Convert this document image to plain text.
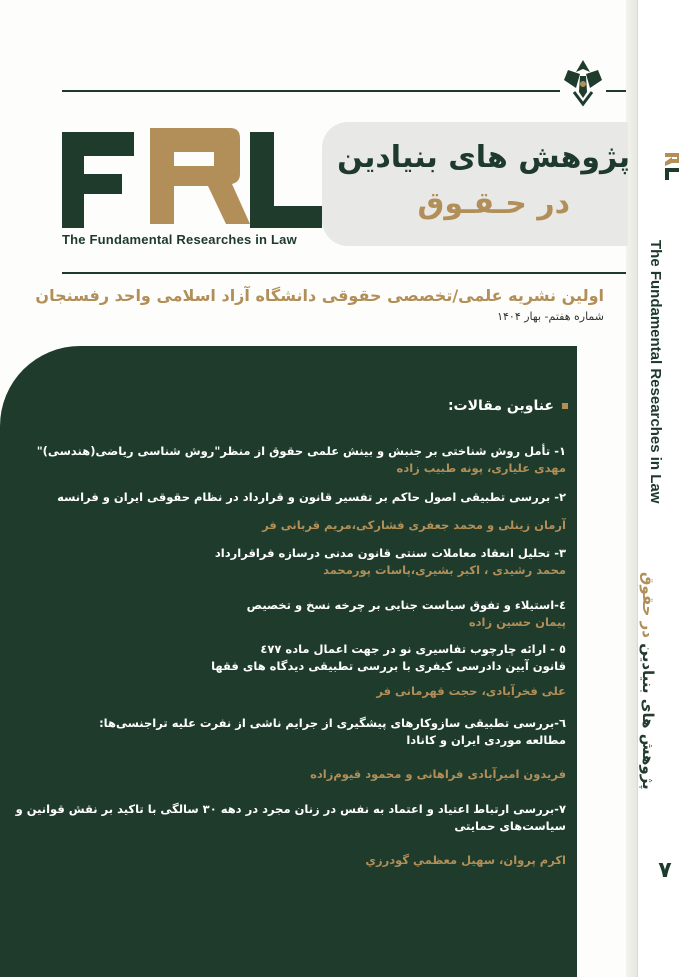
The Fundamental Researches in Law
پژوهش های بنیادین در حقوق
۷
The Fundamental Researches in Law
پژوهش های بنیادین
در حـقـوق
اولین نشریه علمی/تخصصی حقوقی دانشگاه آزاد اسلامی واحد رفسنجان
شماره هفتم- بهار ۱۴۰۴
عناوین مقالات:
۱- تأمل روش شناختی بر جنبش و بینش علمی حقوق از منظر"روش شناسی ریاضی(هندسی)"
مهدی علیاری، پونه طبیب زاده
۲- بررسی تطبیقی اصول حاکم بر تفسیر قانون و قرارداد در نظام حقوقی ایران و فرانسه
آرمان زینلی و محمد جعفری فشارکی،مریم قربانی فر
۳- تحلیل انعقاد معاملات سنتی قانون مدنی درسازه فراقرارداد
محمد رشیدی ، اکبر بشیری،پاسات پورمحمد
٤-استیلاء و تفوق سیاست جنایی بر چرخه نسخ و تخصیص
پیمان حسین زاده
٥ - ارائه چارچوب تفاسیری نو در جهت اعمال ماده ٤٧٧
قانون آیین دادرسی کیفری با بررسی تطبیقی دیدگاه های فقها
علی فخرآبادی، حجت قهرمانی فر
٦-بررسی تطبیقی سازوکارهای پیشگیری از جرایم ناشی از نفرت علیه تراجنسی‌ها:
مطالعه موردی ایران و کانادا
فریدون امیرآبادی فراهانی و محمود قیوم‌زاده
۷-بررسی ارتباط اعتیاد و اعتماد به نفس در زنان مجرد در دهه ۳۰ سالگی با تاکید بر نقش قوانین و
سیاست‌های حمایتی
اکرم پروان، سهیل معظمي گودرزي
